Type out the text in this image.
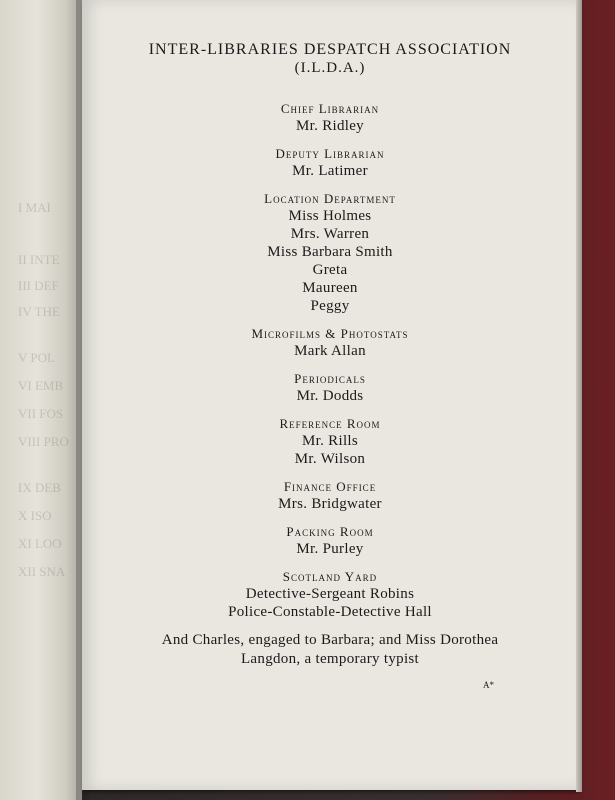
I MAI
II INTE
III DEF
IV THE
V POL
VI EMB
VII FOS
VIII PRO
IX DEB
X ISO
XI LOO
XII SNA
INTER-LIBRARIES DESPATCH ASSOCIATION
(I.L.D.A.)
Chief Librarian
Mr. Ridley
Deputy Librarian
Mr. Latimer
Location Department
Miss Holmes
Mrs. Warren
Miss Barbara Smith
Greta
Maureen
Peggy
Microfilms & Photostats
Mark Allan
Periodicals
Mr. Dodds
Reference Room
Mr. Rills
Mr. Wilson
Finance Office
Mrs. Bridgwater
Packing Room
Mr. Purley
Scotland Yard
Detective-Sergeant Robins
Police-Constable-Detective Hall
And Charles, engaged to Barbara; and Miss Dorothea
Langdon, a temporary typist
A*
